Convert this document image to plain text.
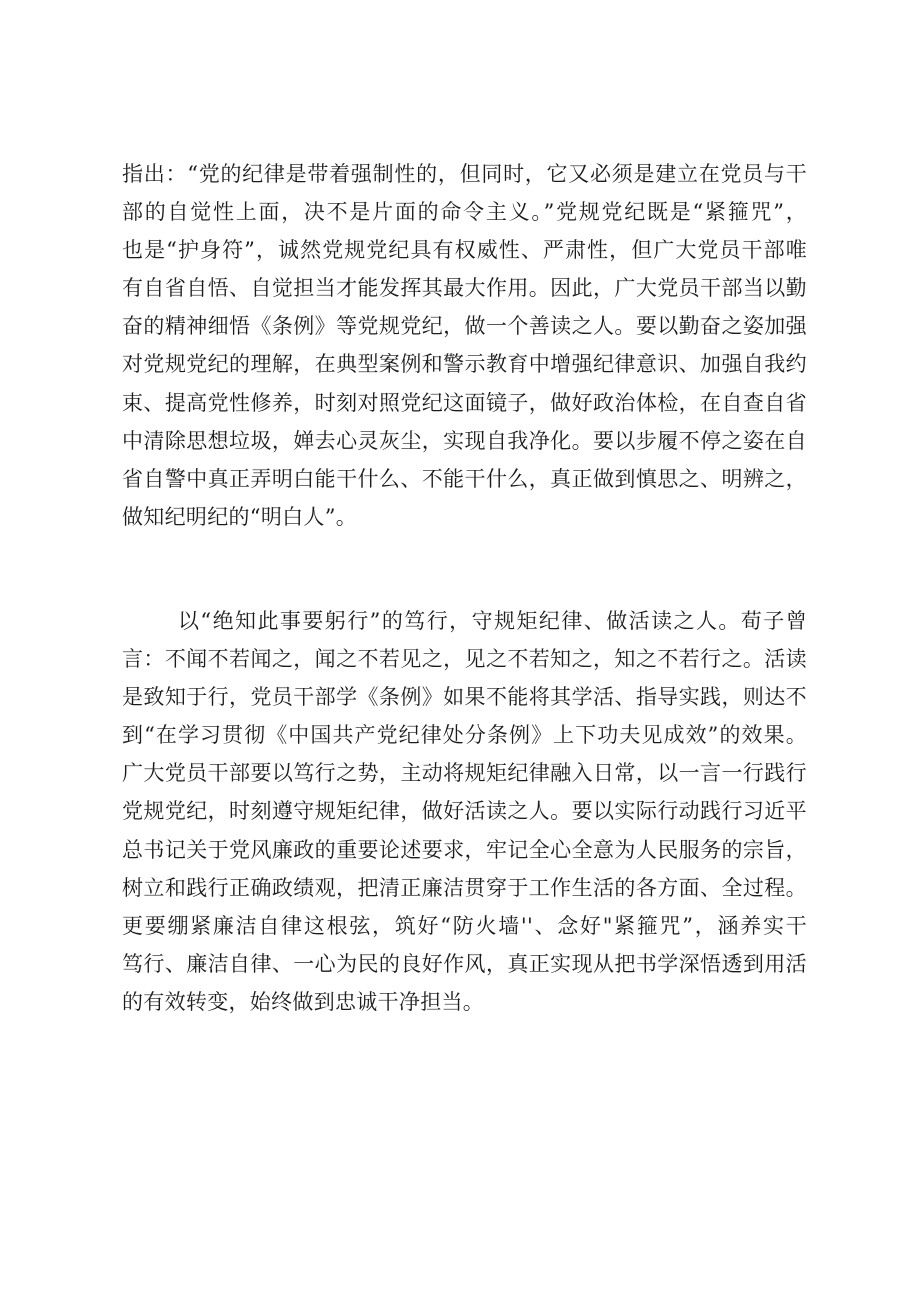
指出：“党的纪律是带着强制性的，但同时，它又必须是建立在党员与干
部的自觉性上面，决不是片面的命令主义。”党规党纪既是“紧箍咒”，
也是“护身符”，诚然党规党纪具有权威性、严肃性，但广大党员干部唯
有自省自悟、自觉担当才能发挥其最大作用。因此，广大党员干部当以勤
奋的精神细悟《条例》等党规党纪，做一个善读之人。要以勤奋之姿加强
对党规党纪的理解，在典型案例和警示教育中增强纪律意识、加强自我约
束、提高党性修养，时刻对照党纪这面镜子，做好政治体检，在自查自省
中清除思想垃圾，婵去心灵灰尘，实现自我净化。要以步履不停之姿在自
省自警中真正弄明白能干什么、不能干什么，真正做到慎思之、明辨之，
做知纪明纪的“明白人”。
以“绝知此事要躬行”的笃行，守规矩纪律、做活读之人。荀子曾
言：不闻不若闻之，闻之不若见之，见之不若知之，知之不若行之。活读
是致知于行，党员干部学《条例》如果不能将其学活、指导实践，则达不
到“在学习贯彻《中国共产党纪律处分条例》上下功夫见成效”的效果。
广大党员干部要以笃行之势，主动将规矩纪律融入日常，以一言一行践行
党规党纪，时刻遵守规矩纪律，做好活读之人。要以实际行动践行习近平
总书记关于党风廉政的重要论述要求，牢记全心全意为人民服务的宗旨，
树立和践行正确政绩观，把清正廉洁贯穿于工作生活的各方面、全过程。
更要绷紧廉洁自律这根弦，筑好“防火墙''、念好"紧箍咒”，涵养实干
笃行、廉洁自律、一心为民的良好作风，真正实现从把书学深悟透到用活
的有效转变，始终做到忠诚干净担当。
